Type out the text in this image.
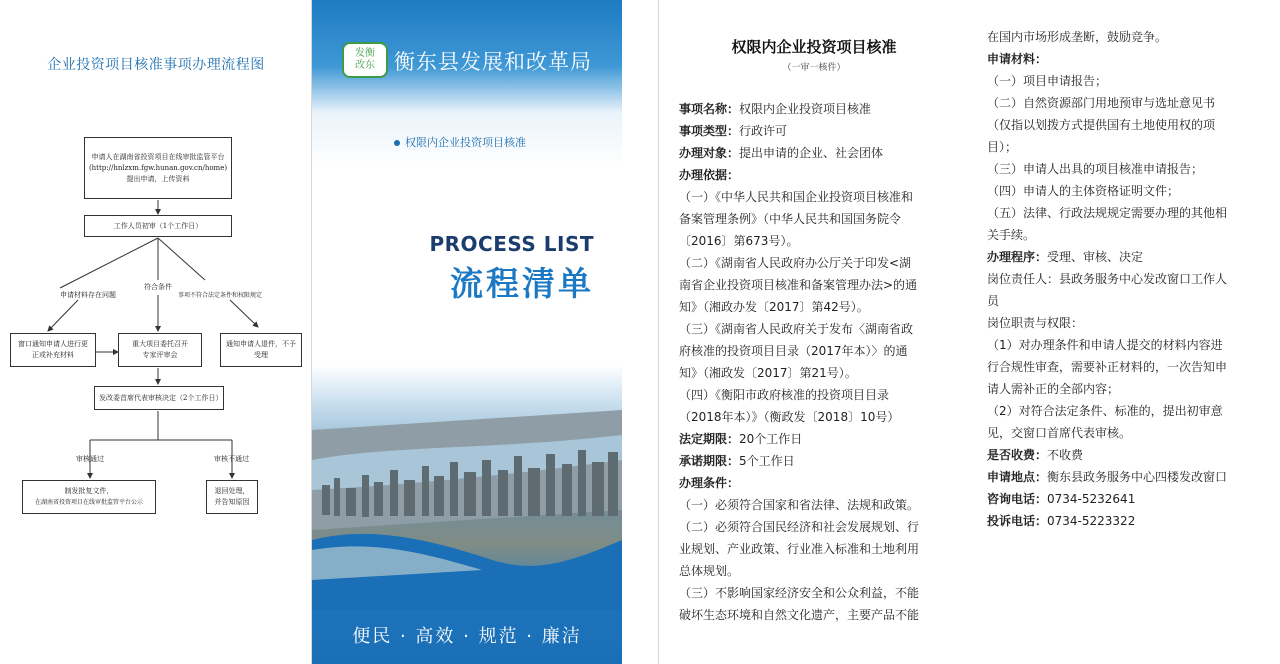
企业投资项目核准事项办理流程图
申请人在湖南省投资项目在线审批监管平台
(http://hnlzxm.fgw.hunan.gov.cn/home)
提出申请，上传资料
工作人员初审（1个工作日）
申请材料存在问题
符合条件
事项不符合法定条件和权限规定
窗口通知申请人进行更
正或补充材料
重大项目委托召开
专家评审会
通知申请人退件，不予
受理
发改委首席代表审核决定（2个工作日）
审核通过	审核不通过
制发批复文件，
在湖南省投资项目在线审批监管平台公示
退回处理，
并告知原因
发衡
改东 衡东县发展和改革局
权限内企业投资项目核准
PROCESS LIST
流程清单
便民 · 高效 · 规范 · 廉洁
权限内企业投资项目核准
（一审一核件）
事项名称：权限内企业投资项目核准
事项类型：行政许可
办理对象：提出申请的企业、社会团体
办理依据：
（一）《中华人民共和国企业投资项目核准和
备案管理条例》（中华人民共和国国务院令
〔2016〕第673号）。
（二）《湖南省人民政府办公厅关于印发<湖
南省企业投资项目核准和备案管理办法>的通
知》（湘政办发〔2017〕第42号）。
（三）《湖南省人民政府关于发布〈湖南省政
府核准的投资项目目录（2017年本）〉的通
知》（湘政发〔2017〕第21号）。
（四）《衡阳市政府核准的投资项目目录
（2018年本）》（衡政发〔2018〕10号）
法定期限：20个工作日
承诺期限：5个工作日
办理条件：
（一）必须符合国家和省法律、法规和政策。
（二）必须符合国民经济和社会发展规划、行
业规划、产业政策、行业准入标准和土地利用
总体规划。
（三）不影响国家经济安全和公众利益，不能
破坏生态环境和自然文化遗产，主要产品不能
在国内市场形成垄断，鼓励竞争。
申请材料：
（一）项目申请报告；
（二）自然资源部门用地预审与选址意见书
（仅指以划拨方式提供国有土地使用权的项
目）；
（三）申请人出具的项目核准申请报告；
（四）申请人的主体资格证明文件；
（五）法律、行政法规规定需要办理的其他相
关手续。
办理程序：受理、审核、决定
岗位责任人：县政务服务中心发改窗口工作人
员
岗位职责与权限：
（1）对办理条件和申请人提交的材料内容进
行合规性审查，需要补正材料的，一次告知申
请人需补正的全部内容；
（2）对符合法定条件、标准的，提出初审意
见，交窗口首席代表审核。
是否收费：不收费
申请地点：衡东县政务服务中心四楼发改窗口
咨询电话：0734-5232641
投诉电话：0734-5223322
